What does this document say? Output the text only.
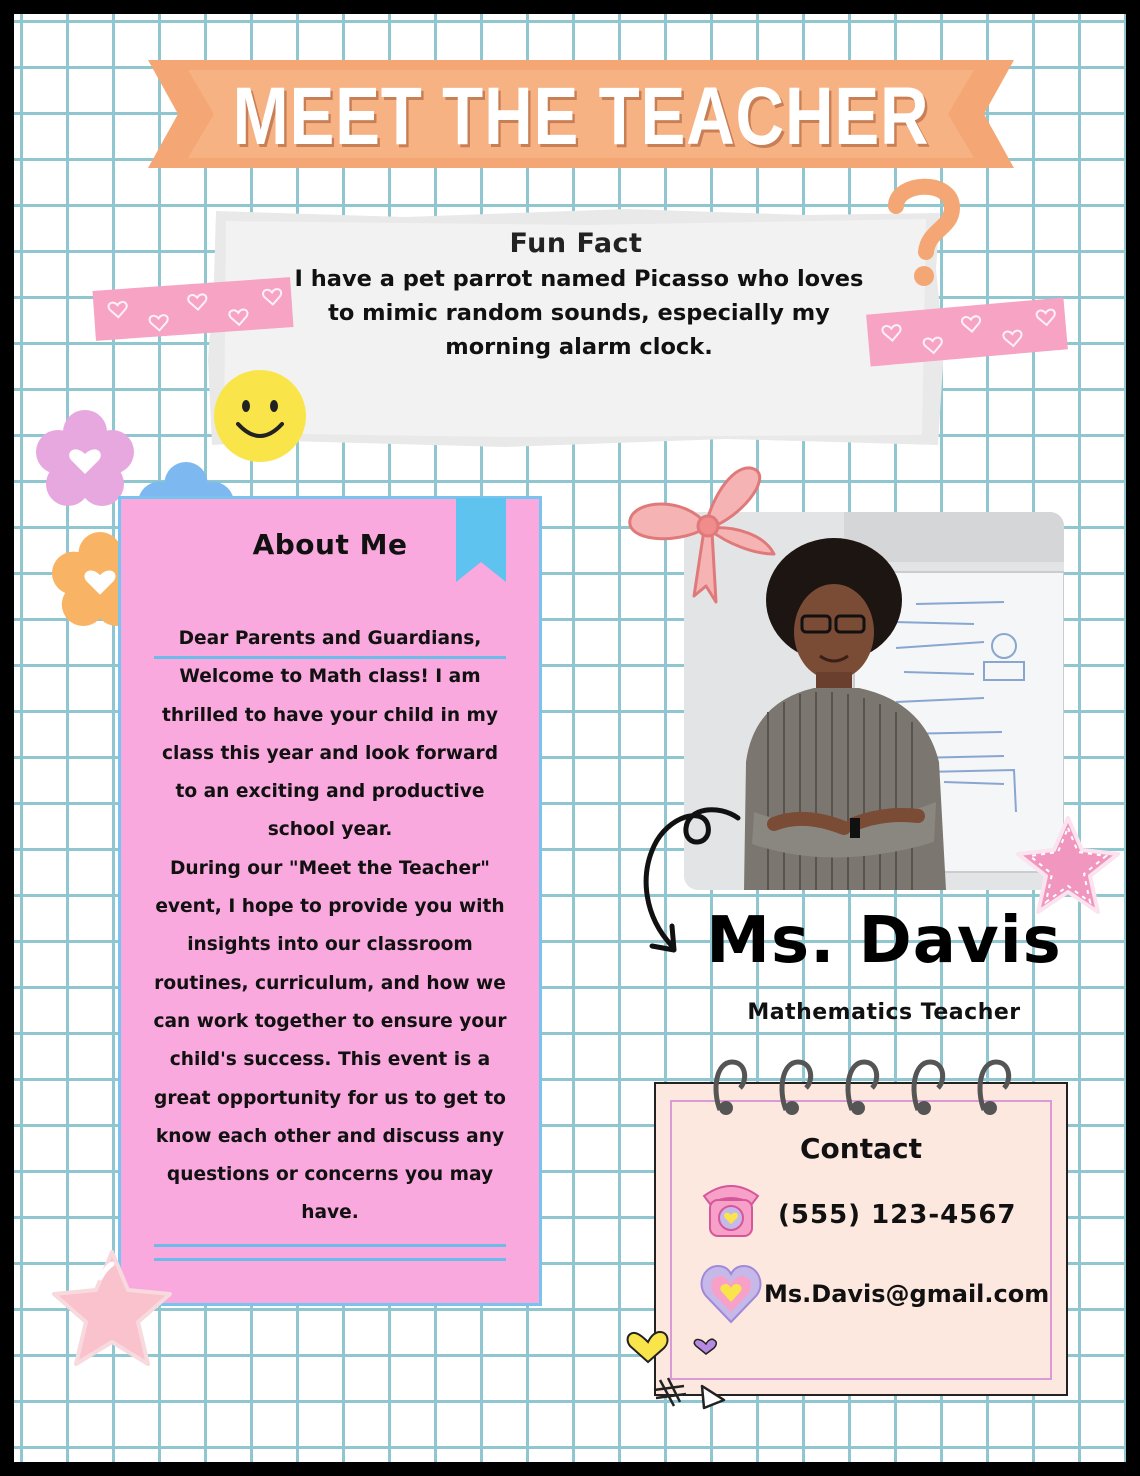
MEET THE TEACHER
Fun Fact
I have a pet parrot named Picasso who loves to mimic random sounds, especially my morning alarm clock.
About Me
Dear Parents and Guardians,
Welcome to Math class! I am thrilled to have your child in my class this year and look forward to an exciting and productive school year.
During our "Meet the Teacher" event, I hope to provide you with insights into our classroom routines, curriculum, and how we can work together to ensure your child's success. This event is a great opportunity for us to get to know each other and discuss any questions or concerns you may have.
Ms. Davis
Mathematics Teacher
Contact
(555) 123-4567
Ms.Davis@gmail.com
